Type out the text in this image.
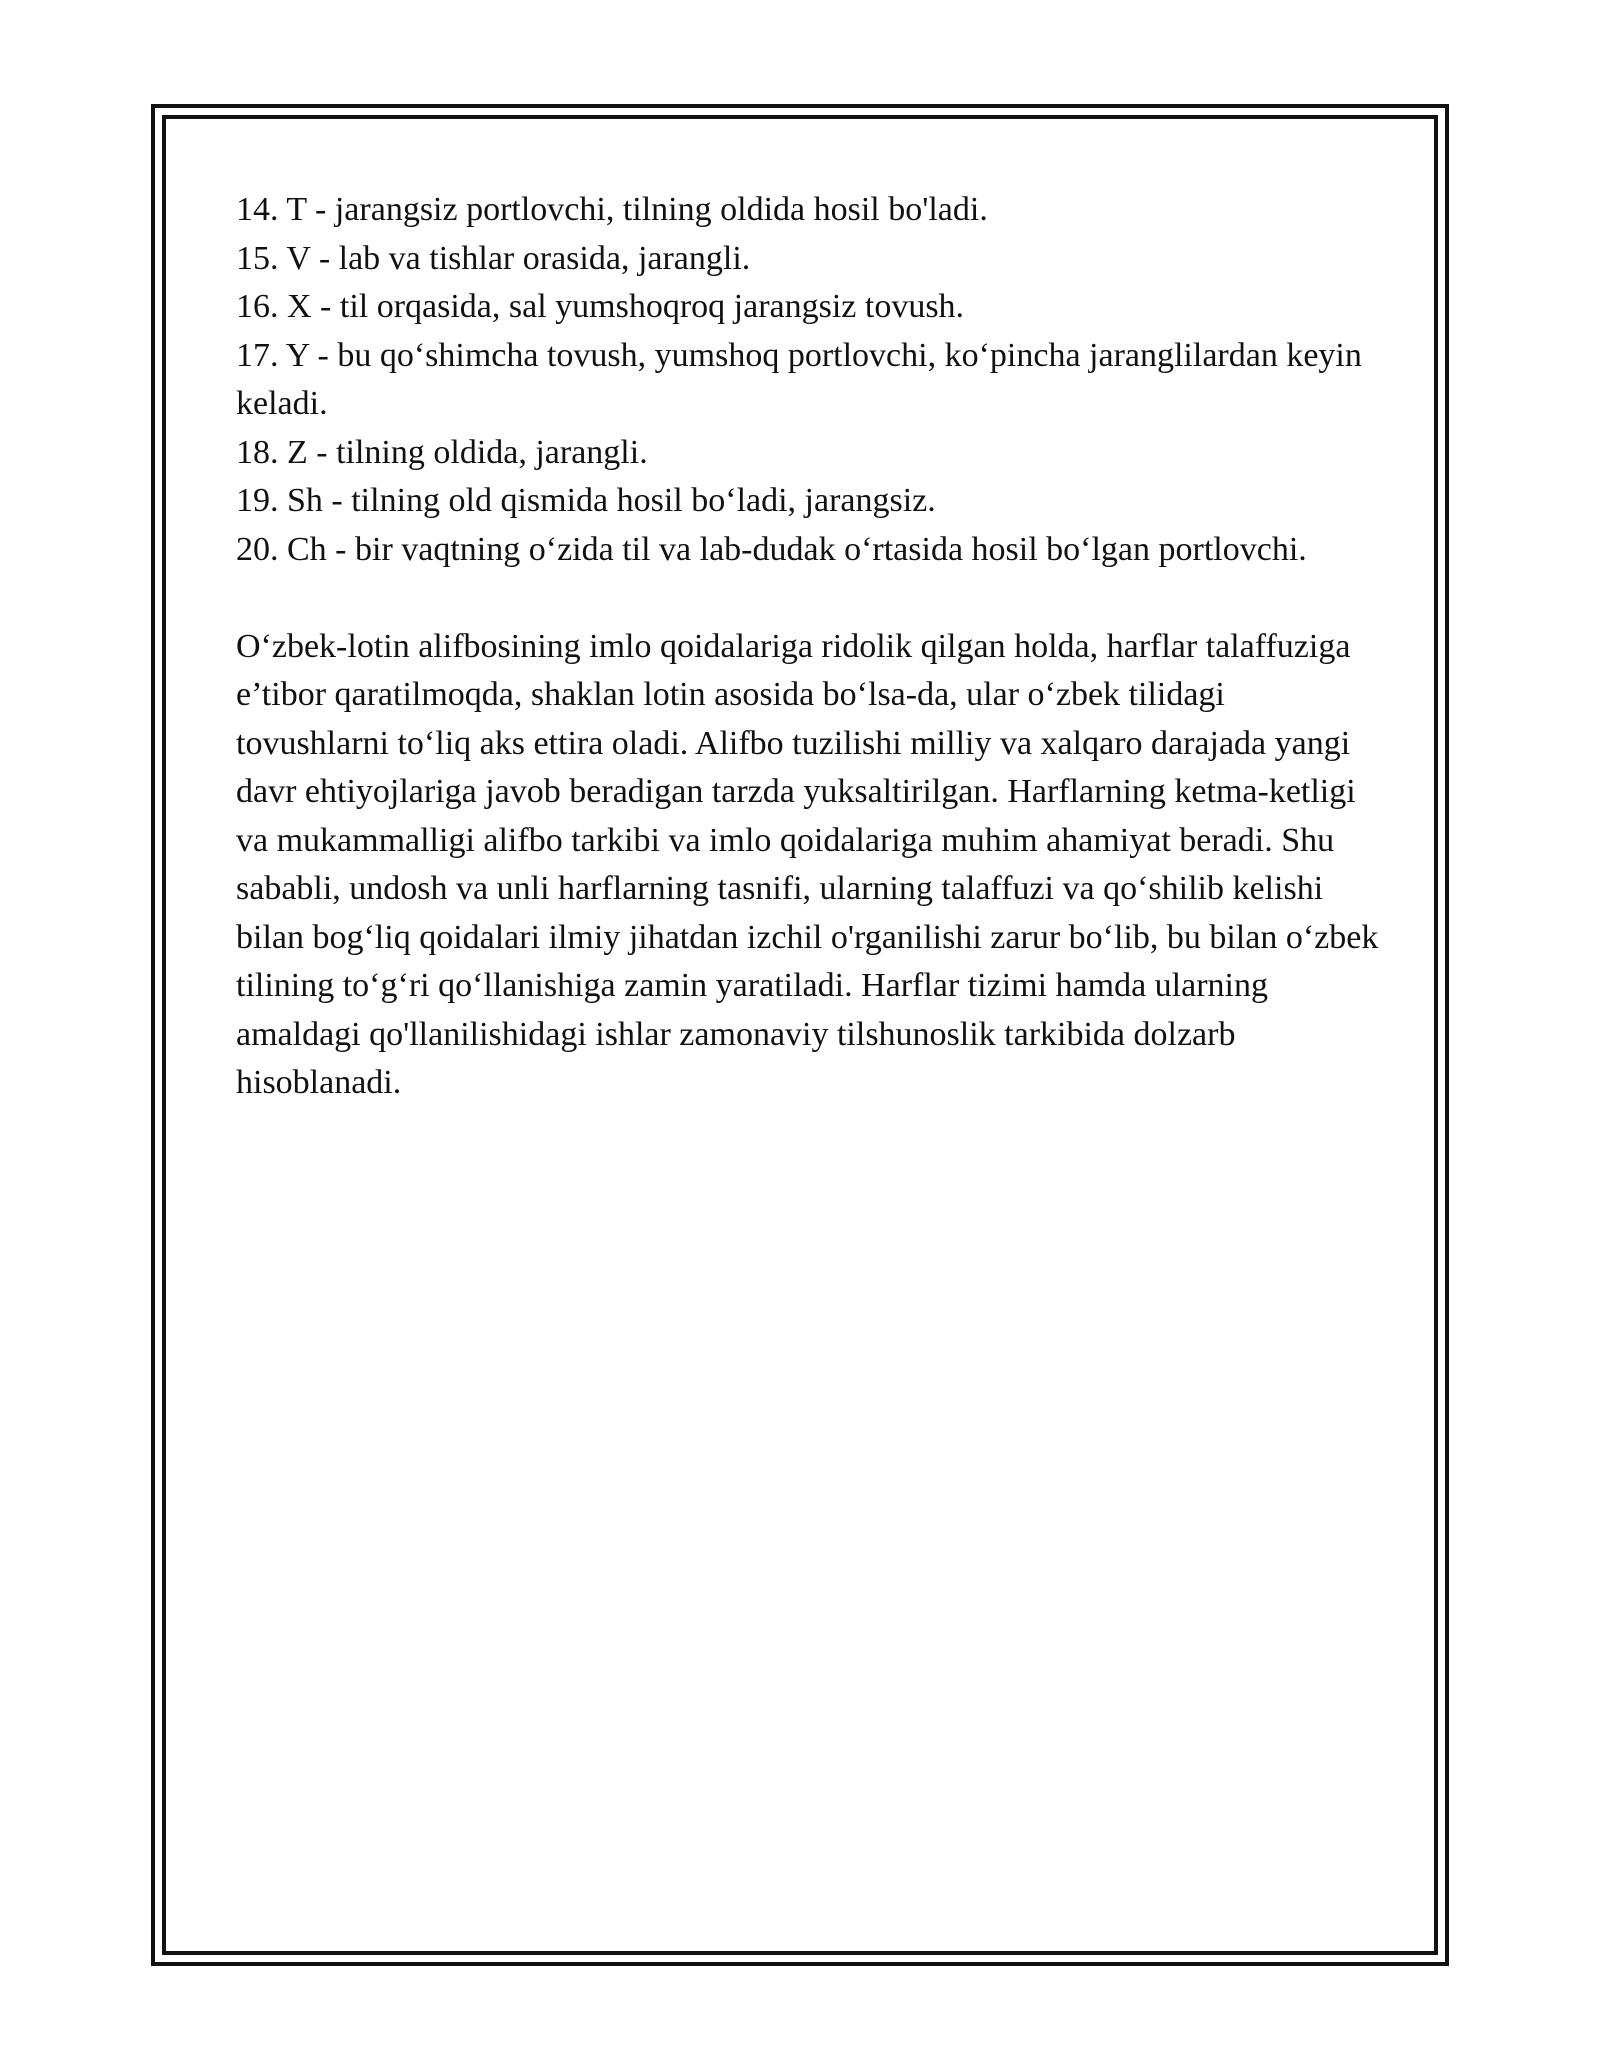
14. T - jarangsiz portlovchi, tilning oldida hosil bo'ladi.

15. V - lab va tishlar orasida, jarangli.

16. X - til orqasida, sal yumshoqroq jarangsiz tovush.

17. Y - bu qo‘shimcha tovush, yumshoq portlovchi, ko‘pincha jaranglilardan keyin keladi.

18. Z - tilning oldida, jarangli.

19. Sh - tilning old qismida hosil bo‘ladi, jarangsiz.

20. Ch - bir vaqtning o‘zida til va lab-dudak o‘rtasida hosil bo‘lgan portlovchi.

O‘zbek-lotin alifbosining imlo qoidalariga ridolik qilgan holda, harflar talaffuziga e’tibor qaratilmoqda, shaklan lotin asosida bo‘lsa-da, ular o‘zbek tilidagi tovushlarni to‘liq aks ettira oladi. Alifbo tuzilishi milliy va xalqaro darajada yangi davr ehtiyojlariga javob beradigan tarzda yuksaltirilgan. Harflarning ketma-ketligi va mukammalligi alifbo tarkibi va imlo qoidalariga muhim ahamiyat beradi. Shu sababli, undosh va unli harflarning tasnifi, ularning talaffuzi va qo‘shilib kelishi bilan bog‘liq qoidalari ilmiy jihatdan izchil o'rganilishi zarur bo‘lib, bu bilan o‘zbek tilining to‘g‘ri qo‘llanishiga zamin yaratiladi. Harflar tizimi hamda ularning amaldagi qo'llanilishidagi ishlar zamonaviy tilshunoslik tarkibida dolzarb hisoblanadi.
